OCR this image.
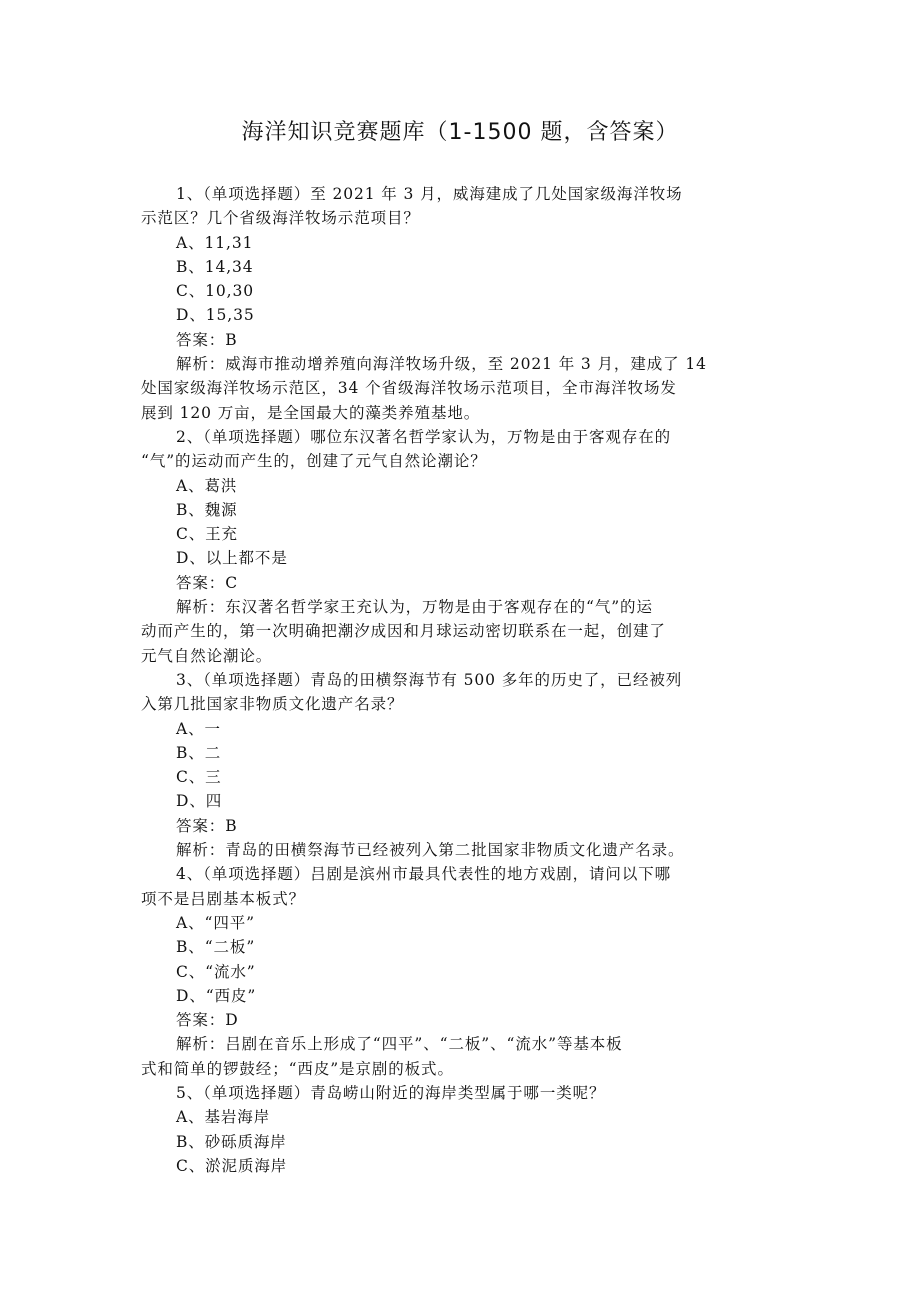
海洋知识竞赛题库（1-1500 题，含答案）
1、（单项选择题）至 2021 年 3 月，威海建成了几处国家级海洋牧场
示范区？几个省级海洋牧场示范项目？
A、11,31
B、14,34
C、10,30
D、15,35
答案：B
解析：威海市推动增养殖向海洋牧场升级，至 2021 年 3 月，建成了 14
处国家级海洋牧场示范区，34 个省级海洋牧场示范项目，全市海洋牧场发
展到 120 万亩，是全国最大的藻类养殖基地。
2、（单项选择题）哪位东汉著名哲学家认为，万物是由于客观存在的
“气”的运动而产生的，创建了元气自然论潮论？
A、葛洪
B、魏源
C、王充
D、以上都不是
答案：C
解析：东汉著名哲学家王充认为，万物是由于客观存在的“气”的运
动而产生的，第一次明确把潮汐成因和月球运动密切联系在一起，创建了
元气自然论潮论。
3、（单项选择题）青岛的田横祭海节有 500 多年的历史了，已经被列
入第几批国家非物质文化遗产名录？
A、一
B、二
C、三
D、四
答案：B
解析：青岛的田横祭海节已经被列入第二批国家非物质文化遗产名录。
4、（单项选择题）吕剧是滨州市最具代表性的地方戏剧，请问以下哪
项不是吕剧基本板式？
A、“四平”
B、“二板”
C、“流水”
D、“西皮”
答案：D
解析：吕剧在音乐上形成了“四平”、“二板”、“流水”等基本板
式和简单的锣鼓经；“西皮”是京剧的板式。
5、（单项选择题）青岛崂山附近的海岸类型属于哪一类呢？
A、基岩海岸
B、砂砾质海岸
C、淤泥质海岸
